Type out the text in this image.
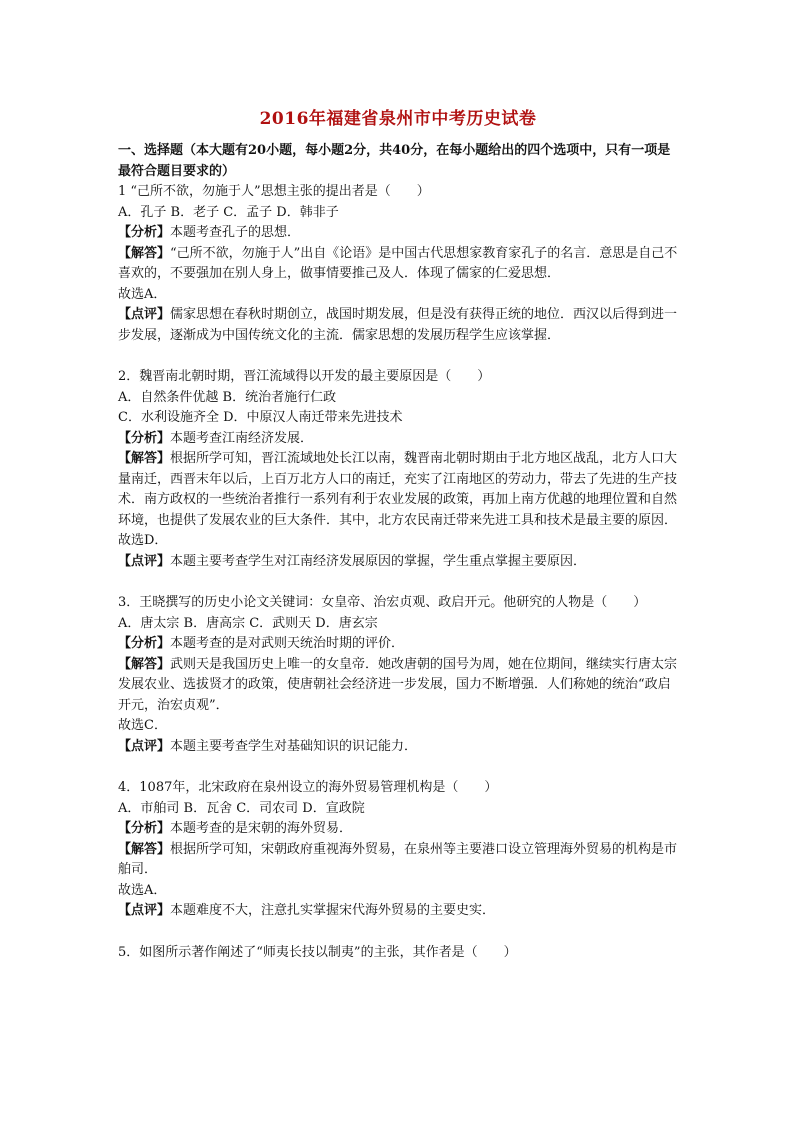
2016年福建省泉州市中考历史试卷

一、选择题（本大题有20小题，每小题2分，共40分，在每小题给出的四个选项中，只有一项是最符合题目要求的）

1 “己所不欲，勿施于人”思想主张的提出者是（　　）

A．孔子 B．老子 C．孟子 D．韩非子

【分析】本题考查孔子的思想．

【解答】“己所不欲，勿施于人”出自《论语》是中国古代思想家教育家孔子的名言．意思是自己不喜欢的，不要强加在别人身上，做事情要推己及人．体现了儒家的仁爱思想．

故选A．

【点评】儒家思想在春秋时期创立，战国时期发展，但是没有获得正统的地位．西汉以后得到进一步发展，逐渐成为中国传统文化的主流．儒家思想的发展历程学生应该掌握．

2．魏晋南北朝时期，晋江流域得以开发的最主要原因是（　　）

A．自然条件优越 B．统治者施行仁政

C．水利设施齐全 D．中原汉人南迁带来先进技术

【分析】本题考查江南经济发展．

【解答】根据所学可知，晋江流域地处长江以南，魏晋南北朝时期由于北方地区战乱，北方人口大量南迁，西晋末年以后，上百万北方人口的南迁，充实了江南地区的劳动力，带去了先进的生产技术．南方政权的一些统治者推行一系列有利于农业发展的政策，再加上南方优越的地理位置和自然环境，也提供了发展农业的巨大条件．其中，北方农民南迁带来先进工具和技术是最主要的原因．

故选D．

【点评】本题主要考查学生对江南经济发展原因的掌握，学生重点掌握主要原因．

3．王晓撰写的历史小论文关键词：女皇帝、治宏贞观、政启开元。他研究的人物是（　　）

A．唐太宗 B．唐高宗 C．武则天 D．唐玄宗

【分析】本题考查的是对武则天统治时期的评价．

【解答】武则天是我国历史上唯一的女皇帝．她改唐朝的国号为周，她在位期间，继续实行唐太宗发展农业、选拔贤才的政策，使唐朝社会经济进一步发展，国力不断增强．人们称她的统治“政启开元，治宏贞观”．

故选C．

【点评】本题主要考查学生对基础知识的识记能力．

4．1087年，北宋政府在泉州设立的海外贸易管理机构是（　　）

A．市舶司 B．瓦舍 C．司农司 D．宣政院

【分析】本题考查的是宋朝的海外贸易．

【解答】根据所学可知，宋朝政府重视海外贸易，在泉州等主要港口设立管理海外贸易的机构是市舶司．

故选A．

【点评】本题难度不大，注意扎实掌握宋代海外贸易的主要史实．

5．如图所示著作阐述了“师夷长技以制夷”的主张，其作者是（　　）
